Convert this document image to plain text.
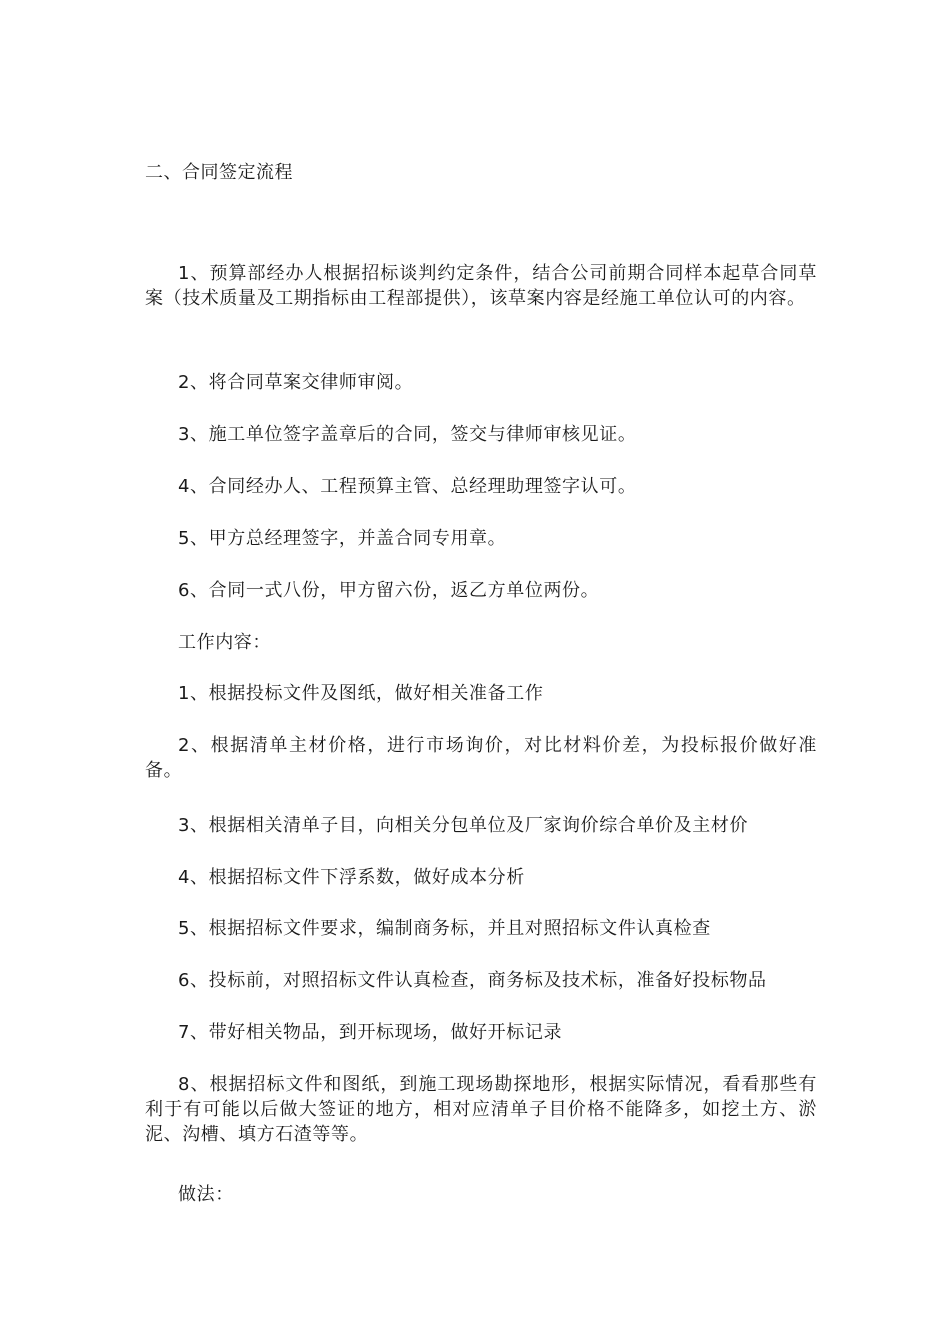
二、合同签定流程
1、预算部经办人根据招标谈判约定条件，结合公司前期合同样本起草合同草案（技术质量及工期指标由工程部提供），该草案内容是经施工单位认可的内容。
2、将合同草案交律师审阅。
3、施工单位签字盖章后的合同，签交与律师审核见证。
4、合同经办人、工程预算主管、总经理助理签字认可。
5、甲方总经理签字，并盖合同专用章。
6、合同一式八份，甲方留六份，返乙方单位两份。
工作内容：
1、根据投标文件及图纸，做好相关准备工作
2、根据清单主材价格，进行市场询价，对比材料价差，为投标报价做好准备。
3、根据相关清单子目，向相关分包单位及厂家询价综合单价及主材价
4、根据招标文件下浮系数，做好成本分析
5、根据招标文件要求，编制商务标，并且对照招标文件认真检查
6、投标前，对照招标文件认真检查，商务标及技术标，准备好投标物品
7、带好相关物品，到开标现场，做好开标记录
8、根据招标文件和图纸，到施工现场勘探地形，根据实际情况，看看那些有利于有可能以后做大签证的地方，相对应清单子目价格不能降多，如挖土方、淤泥、沟槽、填方石渣等等。
做法：
